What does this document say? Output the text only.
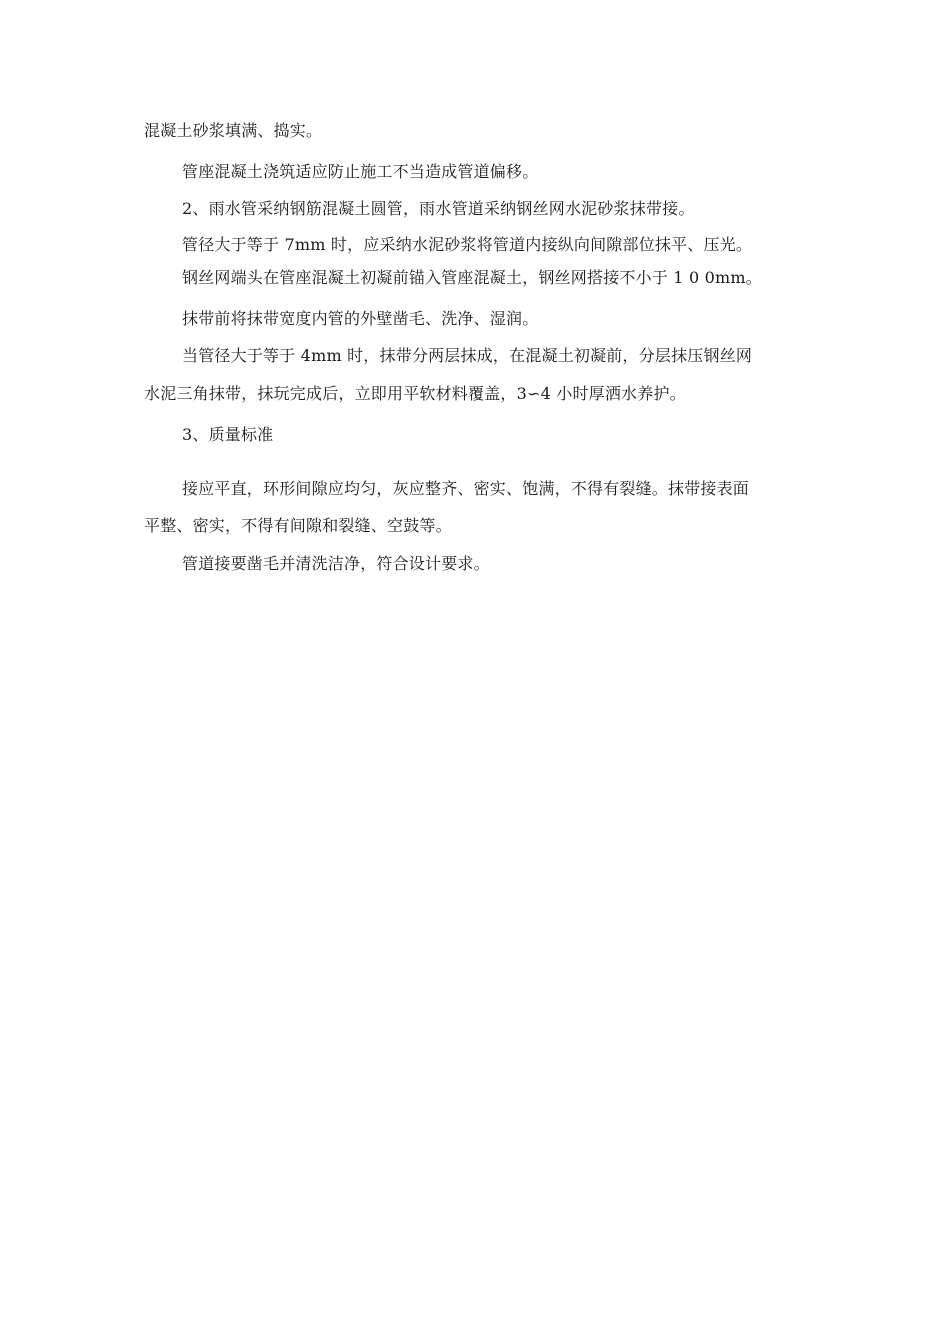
混凝土砂浆填满、捣实。
管座混凝土浇筑适应防止施工不当造成管道偏移。
2、雨水管采纳钢筋混凝土圆管，雨水管道采纳钢丝网水泥砂浆抹带接。
管径大于等于 7mm 时，应采纳水泥砂浆将管道内接纵向间隙部位抹平、压光。
钢丝网端头在管座混凝土初凝前锚入管座混凝土，钢丝网搭接不小于 1 0 0mm。
抹带前将抹带宽度内管的外壁凿毛、洗净、湿润。
当管径大于等于 4mm 时，抹带分两层抹成，在混凝土初凝前，分层抹压钢丝网
水泥三角抹带，抹玩完成后，立即用平软材料覆盖，3∽4 小时厚洒水养护。
3、质量标准
接应平直，环形间隙应均匀，灰应整齐、密实、饱满，不得有裂缝。抹带接表面
平整、密实，不得有间隙和裂缝、空鼓等。
管道接要凿毛并清洗洁净，符合设计要求。
